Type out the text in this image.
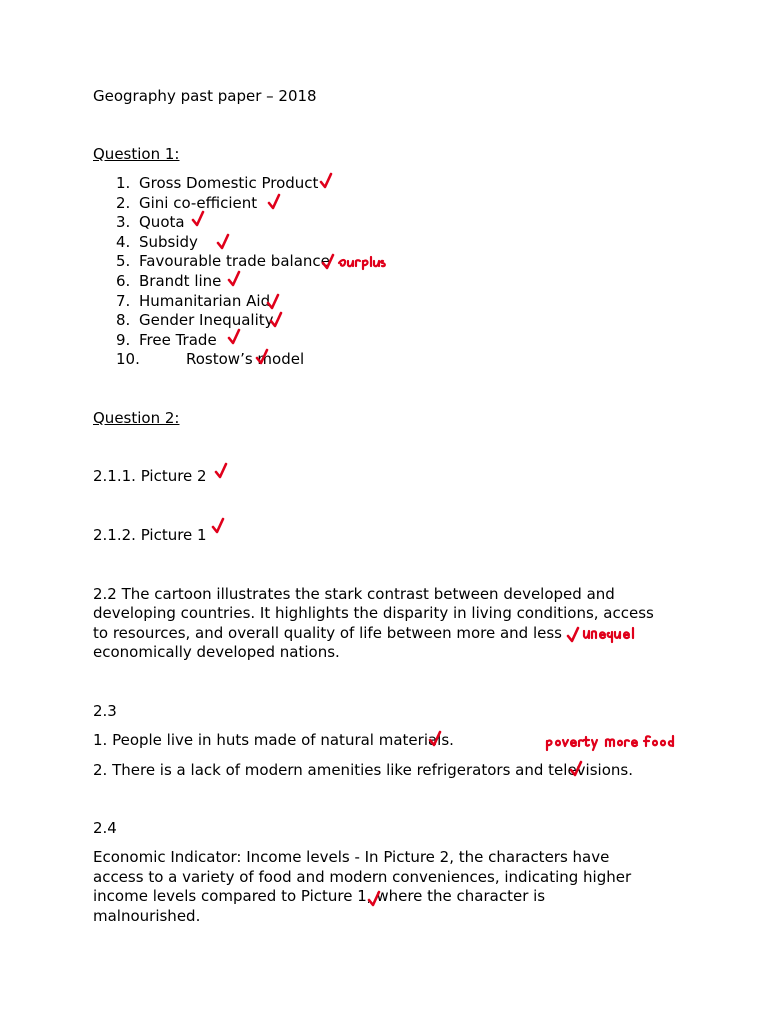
Geography past paper – 2018
Question 1:
1. Gross Domestic Product
2. Gini co-efficient
3. Quota
4. Subsidy
5. Favourable trade balance
6. Brandt line
7. Humanitarian Aid
8. Gender Inequality
9. Free Trade
10.	Rostow’s model
Question 2:
2.1.1. Picture 2
2.1.2. Picture 1
2.2 The cartoon illustrates the stark contrast between developed and
developing countries. It highlights the disparity in living conditions, access
to resources, and overall quality of life between more and less
economically developed nations.
2.3
1. People live in huts made of natural materials.
2. There is a lack of modern amenities like refrigerators and televisions.
2.4
Economic Indicator: Income levels - In Picture 2, the characters have
access to a variety of food and modern conveniences, indicating higher
income levels compared to Picture 1, where the character is
malnourished.
